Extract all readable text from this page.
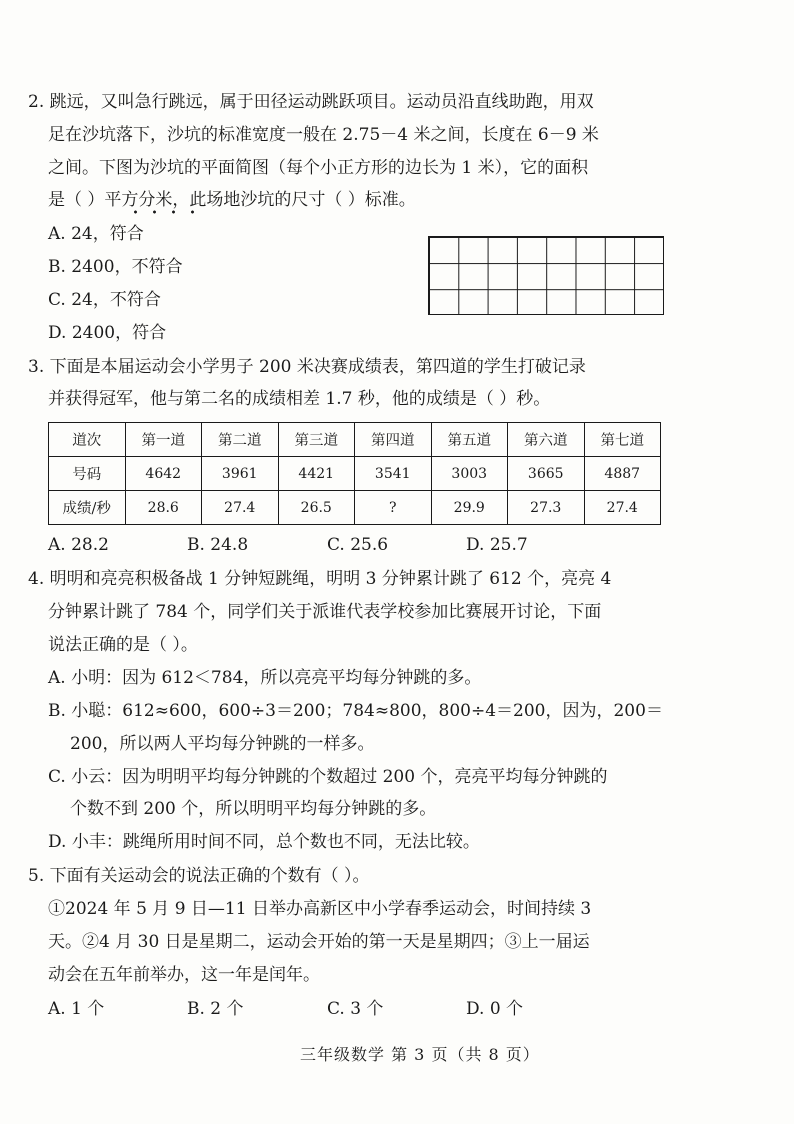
2. 跳远，又叫急行跳远，属于田径运动跳跃项目。运动员沿直线助跑，用双
足在沙坑落下，沙坑的标准宽度一般在 2.75－4 米之间，长度在 6－9 米
之间。下图为沙坑的平面简图（每个小正方形的边长为 1 米），它的面积
是（ ）平方分米，此场地沙坑的尺寸（ ）标准。
A. 24，符合
B. 2400，不符合
C. 24，不符合
D. 2400，符合
3. 下面是本届运动会小学男子 200 米决赛成绩表，第四道的学生打破记录
并获得冠军，他与第二名的成绩相差 1.7 秒，他的成绩是（ ）秒。
道次	第一道	第二道	第三道	第四道	第五道	第六道	第七道
号码	4642	3961	4421	3541	3003	3665	4887
成绩/秒	28.6	27.4	26.5	?	29.9	27.3	27.4
A. 28.2	B. 24.8	C. 25.6	D. 25.7
4. 明明和亮亮积极备战 1 分钟短跳绳，明明 3 分钟累计跳了 612 个，亮亮 4
分钟累计跳了 784 个，同学们关于派谁代表学校参加比赛展开讨论，下面
说法正确的是（ ）。
A. 小明：因为 612＜784，所以亮亮平均每分钟跳的多。
B. 小聪：612≈600，600÷3＝200；784≈800，800÷4＝200，因为，200＝
200，所以两人平均每分钟跳的一样多。
C. 小云：因为明明平均每分钟跳的个数超过 200 个，亮亮平均每分钟跳的
个数不到 200 个，所以明明平均每分钟跳的多。
D. 小丰：跳绳所用时间不同，总个数也不同，无法比较。
5. 下面有关运动会的说法正确的个数有（ ）。
①2024 年 5 月 9 日—11 日举办高新区中小学春季运动会，时间持续 3
天。②4 月 30 日是星期二，运动会开始的第一天是星期四；③上一届运
动会在五年前举办，这一年是闰年。
A. 1 个	B. 2 个	C. 3 个	D. 0 个
三年级数学 第 3 页（共 8 页）
